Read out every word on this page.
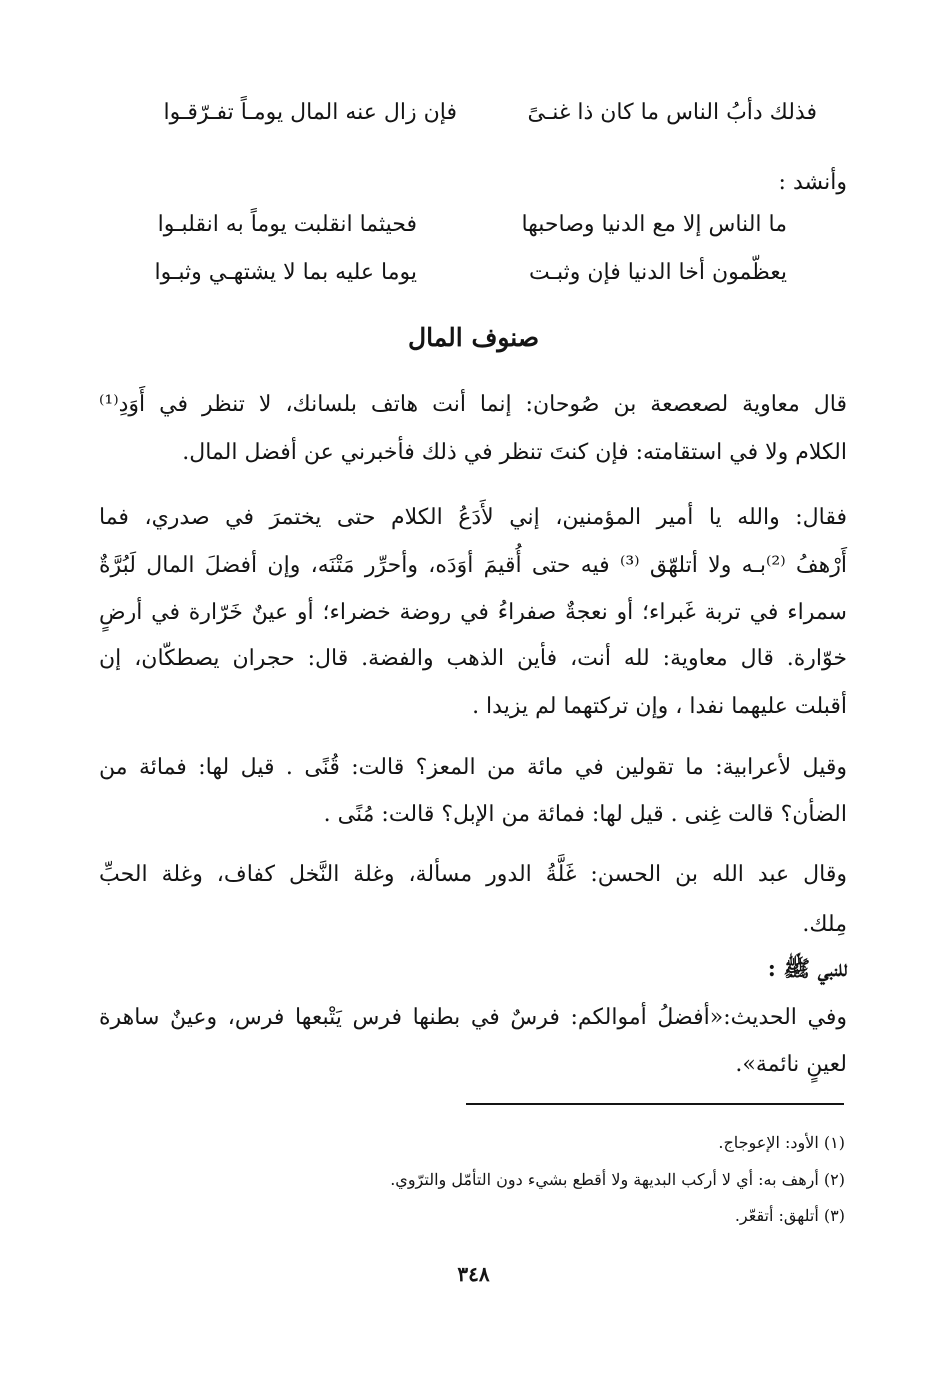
فذلك دأبُ الناس ما كان ذا غنـىً
فإن زال عنه المال يومـاً تفـرّقـوا
وأنشد :
ما الناس إلا مع الدنيا وصاحبها
فحيثما انقلبت يوماً به انقلبـوا
يعظّمون أخا الدنيا فإن وثبـت
يوما عليه بما لا يشتهـي وثبـوا
صنوف المال
قال معاوية لصعصعة بن صُوحان: إنما أنت هاتف بلسانك، لا تنظر في أَوَدِ⁽¹⁾
الكلام ولا في استقامته: فإن كنتَ تنظر في ذلك فأخبرني عن أفضل المال.
فقال: والله يا أمير المؤمنين، إني لأَدَعُ الكلام حتى يختمرَ في صدري، فما
أَرْهفُ ⁽²⁾بـه ولا أتلهّق ⁽³⁾ فيه حتى أُقيمَ أوَدَه، وأحرِّر مَتْنَه، وإن أفضلَ المال لَبُرَّةٌ
سمراء في تربة غَبراء؛ أو نعجةٌ صفراءُ في روضة خضراء؛ أو عينٌ خَرّارة في أرضٍ
خوّارة. قال معاوية: لله أنت، فأين الذهب والفضة. قال: حجران يصطكّان، إن
أقبلت عليهما نفدا ، وإن تركتهما لم يزيدا .
وقيل لأعرابية: ما تقولين في مائة من المعز؟ قالت: قُنًى . قيل لها: فمائة من
الضأن؟ قالت غِنى . قيل لها: فمائة من الإبل؟ قالت: مُنًى .
وقال عبد الله بن الحسن: غَلَّةُ الدور مسألة، وغلة النَّخل كفاف، وغلة الحبِّ
مِلك.
للنبي ﷺ :
وفي الحديث:«أفضلُ أموالكم: فرسٌ في بطنها فرس يَتْبعها فرس، وعينٌ ساهرة
لعينٍ نائمة».
(١) الأود: الإعوجاج.
(٢) أرهف به: أي لا أركب البديهة ولا أقطع بشيء دون التأمّل والترّوي.
(٣) أتلهق: أتقعّر.
٣٤٨
